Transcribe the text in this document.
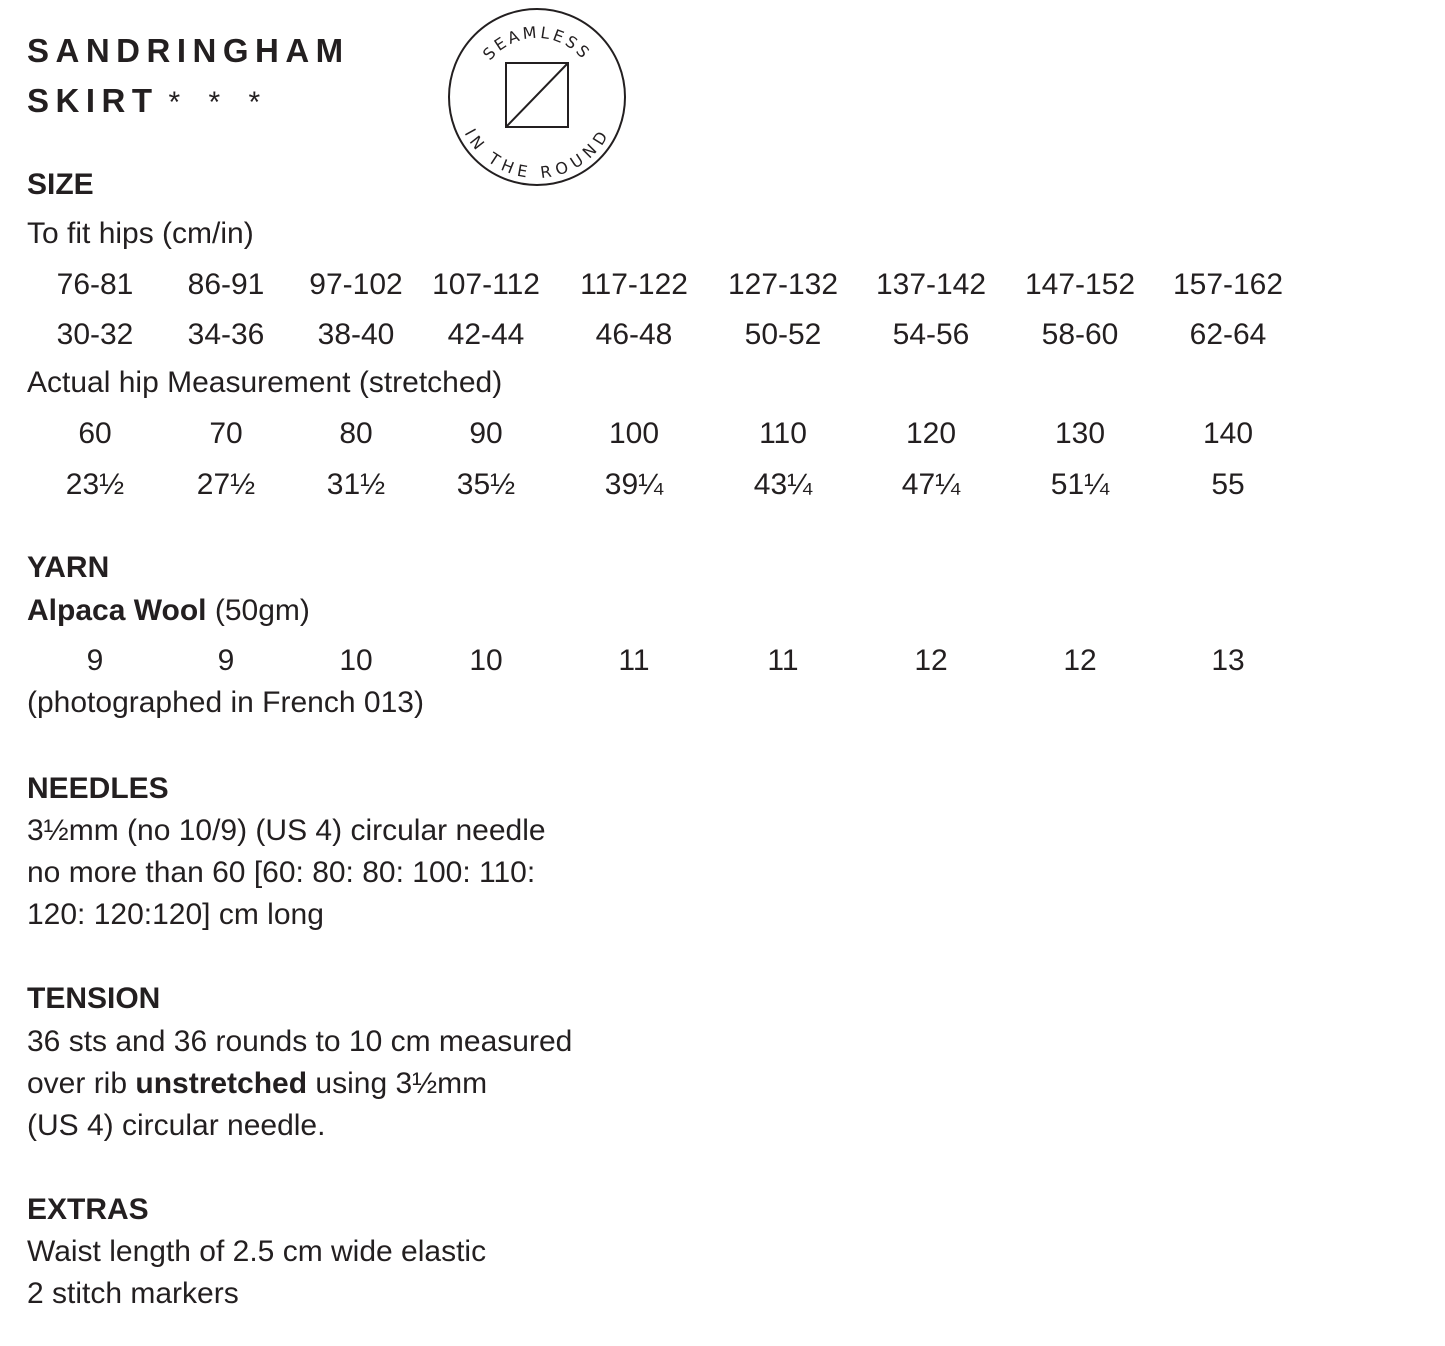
SANDRINGHAM
SKIRT * * *
SEAMLESS
IN THE ROUND
SIZE
To fit hips (cm/in)
76-81 86-91 97-102 107-112 117-122 127-132 137-142 147-152 157-162
30-32 34-36 38-40 42-44 46-48 50-52 54-56 58-60 62-64
Actual hip Measurement (stretched)
60	70	80	90	100	110	120	130	140
23½ 27½ 31½ 35½	39¼	43¼	47¼	51¼	55
YARN
Alpaca Wool (50gm)
9	9	10	10	11	11	12	12	13
(photographed in French 013)
NEEDLES
3½mm (no 10/9) (US 4) circular needle
no more than 60 [60: 80: 80: 100: 110:
120: 120:120] cm long
TENSION
36 sts and 36 rounds to 10 cm measured
over rib unstretched using 3½mm
(US 4) circular needle.
EXTRAS
Waist length of 2.5 cm wide elastic
2 stitch markers
